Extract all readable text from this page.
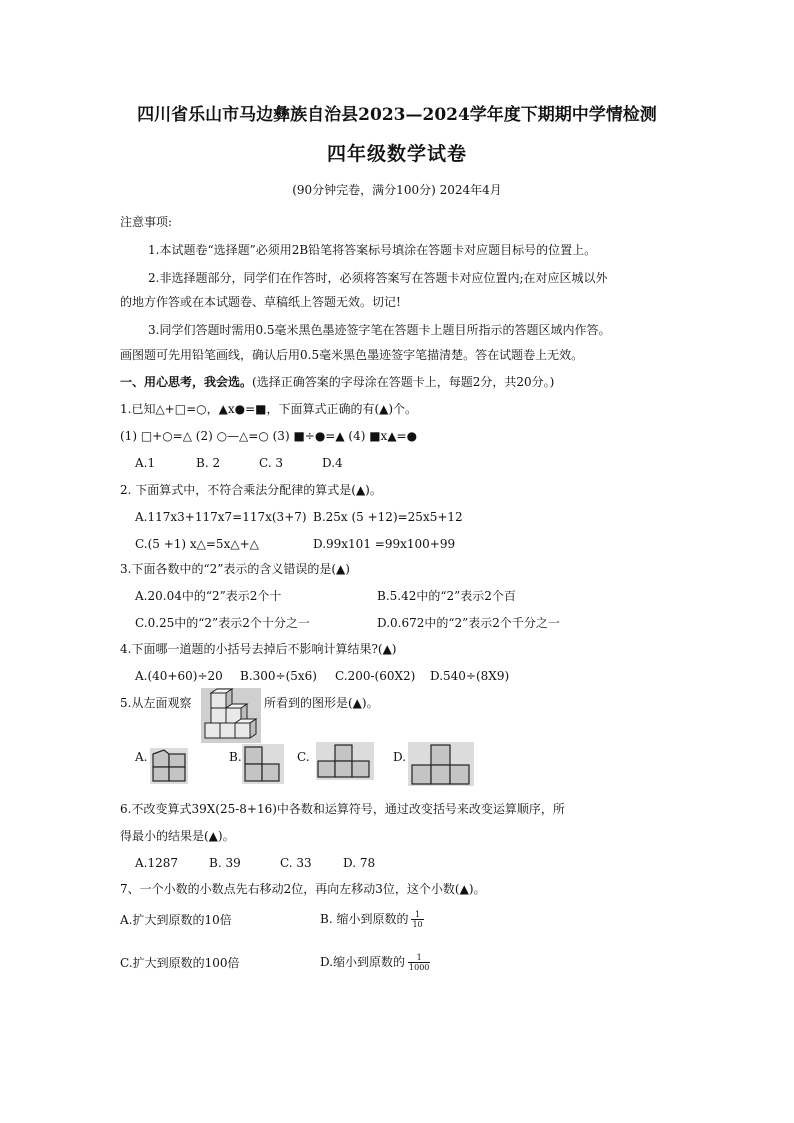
四川省乐山市马边彝族自治县2023—2024学年度下期期中学情检测
四年级数学试卷
(90分钟完卷，满分100分) 2024年4月
注意事项:
1.本试题卷“选择题”必须用2B铅笔将答案标号填涂在答题卡对应题目标号的位置上。
2.非选择题部分，同学们在作答时，必须将答案写在答题卡对应位置内;在对应区城以外
的地方作答或在本试题卷、草稿纸上答题无效。切记!
3.同学们答题时需用0.5毫米黑色墨迹签字笔在答题卡上题目所指示的答题区域内作答。
画图题可先用铅笔画线，确认后用0.5毫米黑色墨迹签字笔描清楚。答在试题卷上无效。
一、用心思考，我会选。(选择正确答案的字母涂在答题卡上，每题2分，共20分。)
1.已知△+□=○，▲x●=■，下面算式正确的有(▲)个。
(1) □+○=△ (2) ○—△=○ (3) ■÷●=▲ (4) ■x▲=●
A.1	B. 2	C. 3	D.4
2. 下面算式中，不符合乘法分配律的算式是(▲)。
A.117x3+117x7=117x(3+7) B.25x (5 +12)=25x5+12
C.(5 +1) x△=5x△+△	D.99x101 =99x100+99
3.下面各数中的“2”表示的含义错误的是(▲)
A.20.04中的“2”表示2个十	B.5.42中的“2”表示2个百
C.0.25中的“2”表示2个十分之一	D.0.672中的“2”表示2个千分之一
4.下面哪一道题的小括号去掉后不影响计算结果?(▲)
A.(40+60)÷20 B.300÷(5x6) C.200-(60X2) D.540÷(8X9)
5.从左面观察	所看到的图形是(▲)。
A.	B.	C.	D.
6.不改变算式39X(25-8+16)中各数和运算符号，通过改变括号来改变运算顺序，所
得最小的结果是(▲)。
A.1287	B. 39	C. 33	D. 78
7、一个小数的小数点先右移动2位，再向左移动3位，这个小数(▲)。
A.扩大到原数的10倍	B. 缩小到原数的 $\frac{1}{10}$
C.扩大到原数的100倍	D.缩小到原数的 $\frac{1}{1000}$
